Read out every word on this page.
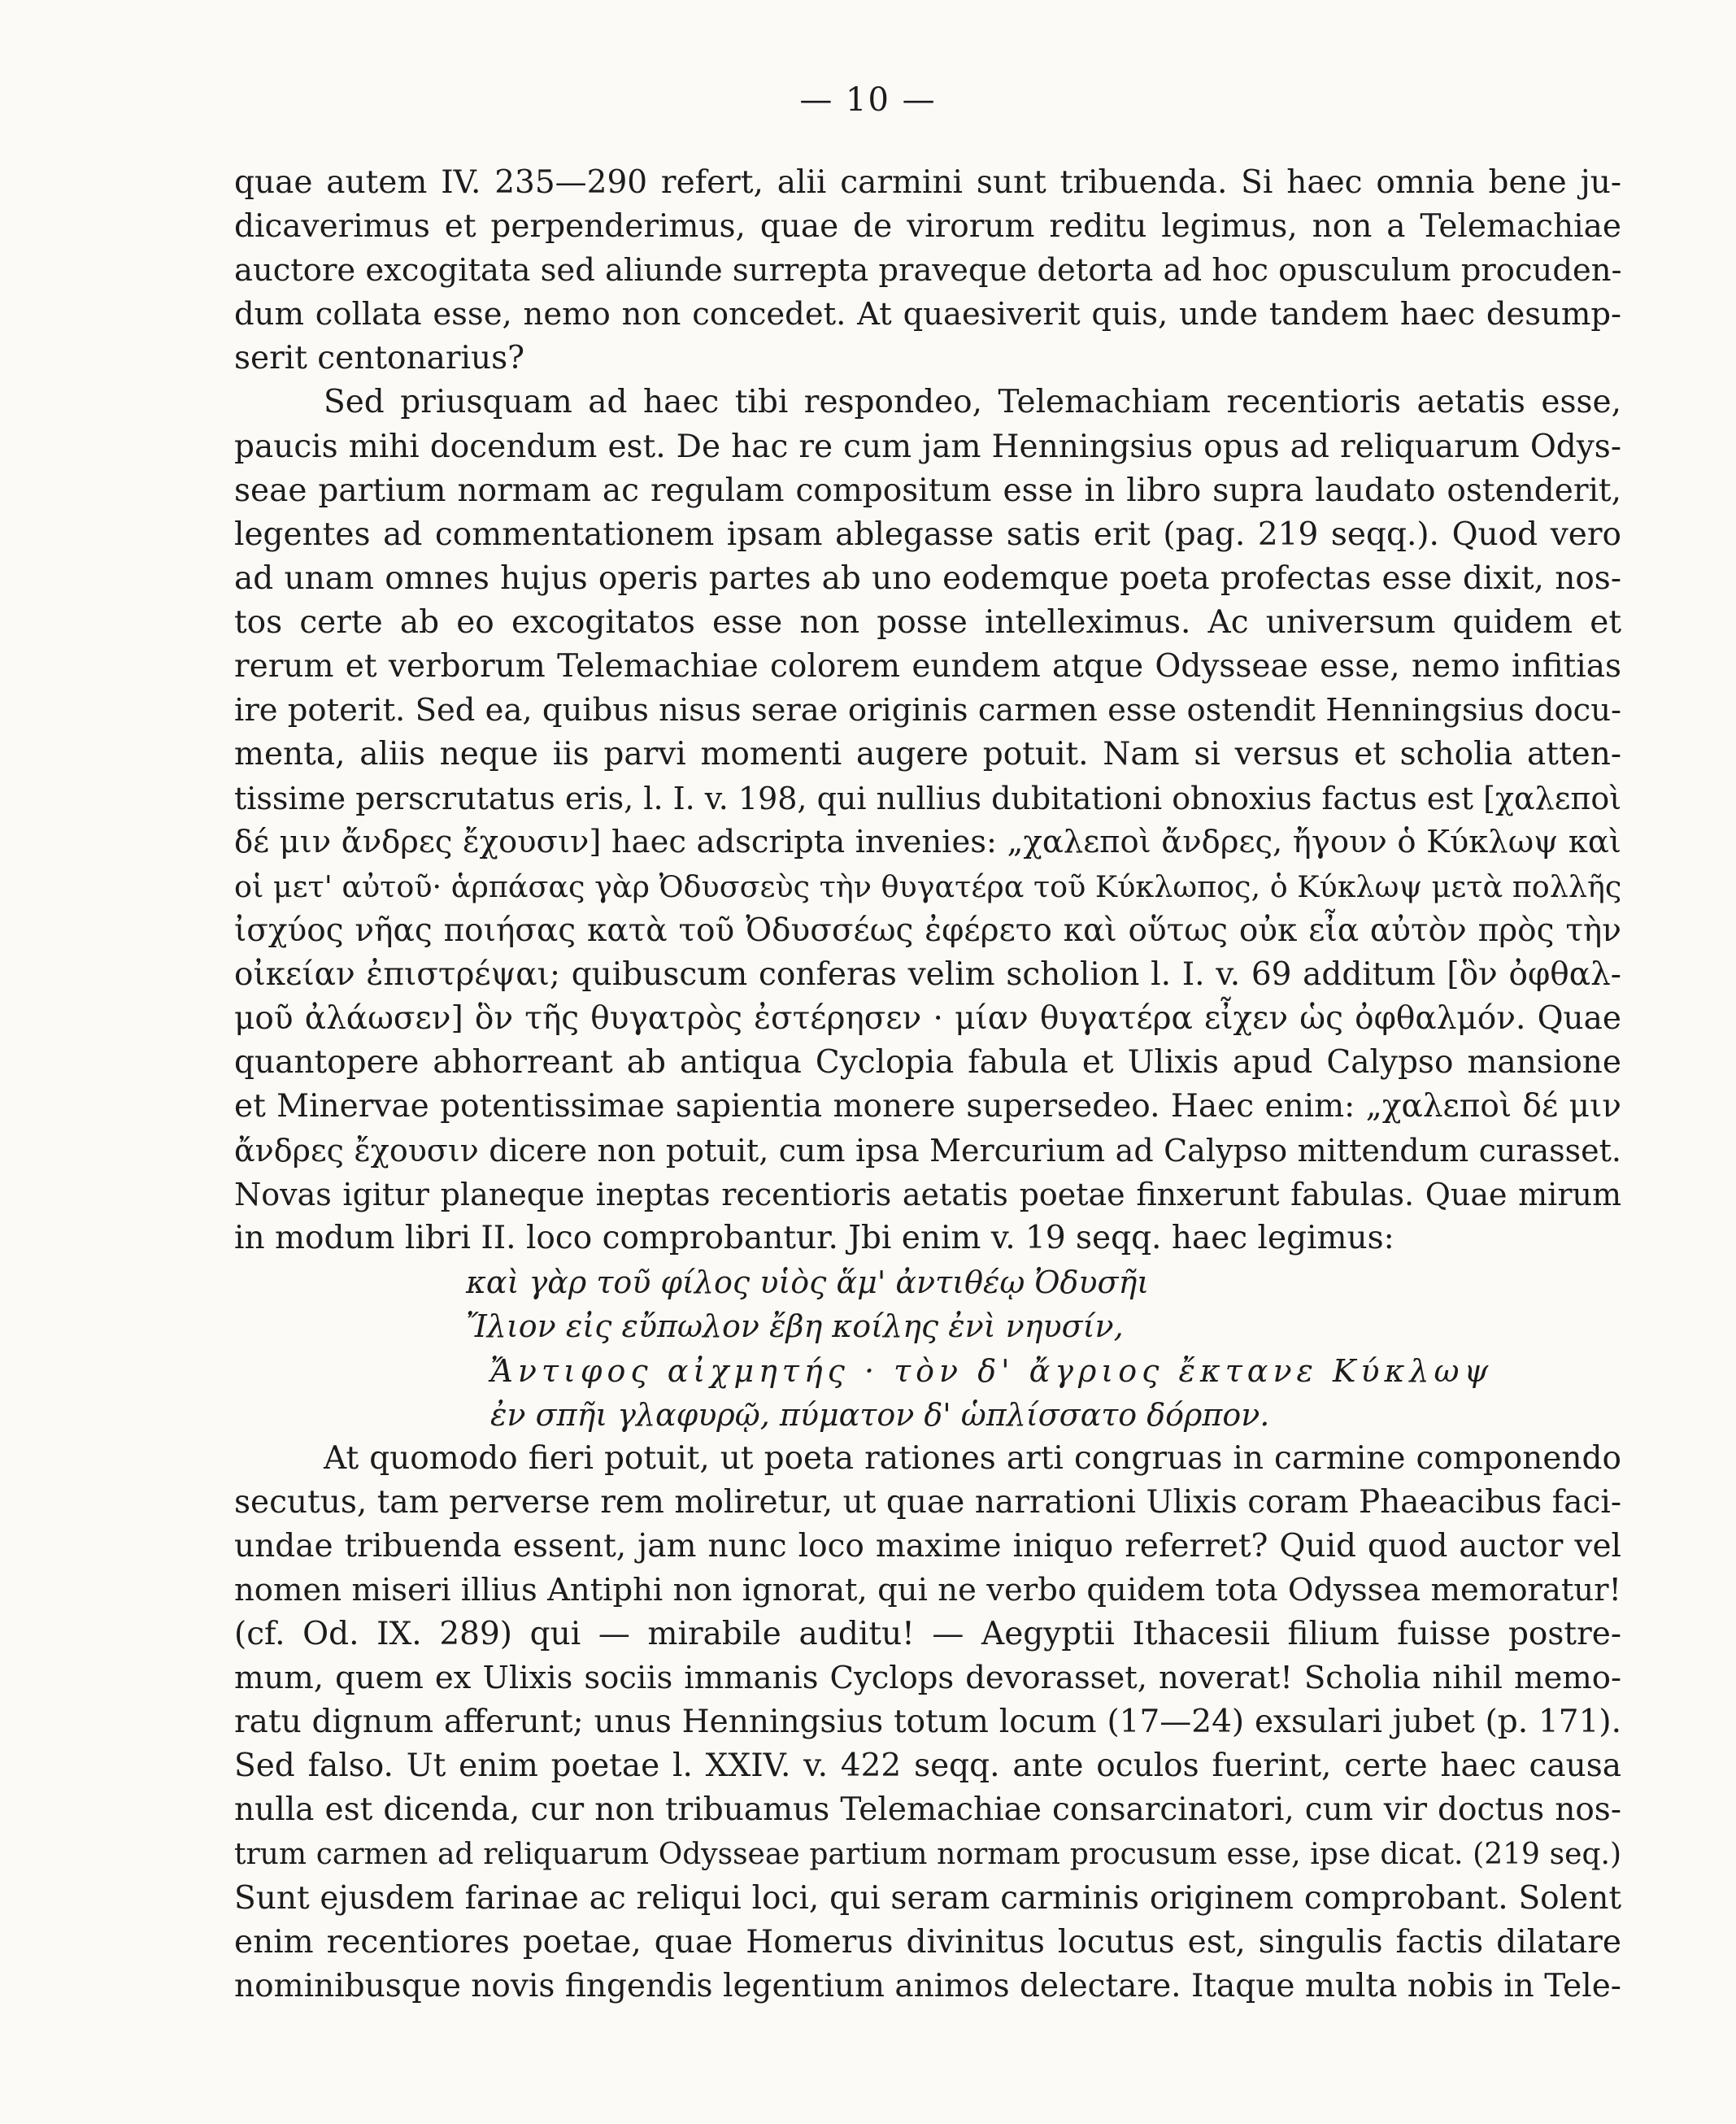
— 10 —
quae autem IV. 235—290 refert, alii carmini sunt tribuenda. Si haec omnia bene ju-
dicaverimus et perpenderimus, quae de virorum reditu legimus, non a Telemachiae
auctore excogitata sed aliunde surrepta praveque detorta ad hoc opusculum procuden-
dum collata esse, nemo non concedet. At quaesiverit quis, unde tandem haec desump-
serit centonarius?
Sed priusquam ad haec tibi respondeo, Telemachiam recentioris aetatis esse,
paucis mihi docendum est. De hac re cum jam Henningsius opus ad reliquarum Odys-
seae partium normam ac regulam compositum esse in libro supra laudato ostenderit,
legentes ad commentationem ipsam ablegasse satis erit (pag. 219 seqq.). Quod vero
ad unam omnes hujus operis partes ab uno eodemque poeta profectas esse dixit, nos-
tos certe ab eo excogitatos esse non posse intelleximus. Ac universum quidem et
rerum et verborum Telemachiae colorem eundem atque Odysseae esse, nemo infitias
ire poterit. Sed ea, quibus nisus serae originis carmen esse ostendit Henningsius docu-
menta, aliis neque iis parvi momenti augere potuit. Nam si versus et scholia atten-
tissime perscrutatus eris, l. I. v. 198, qui nullius dubitationi obnoxius factus est [χαλεποὶ
δέ μιν ἄνδρες ἔχουσιν] haec adscripta invenies: „χαλεποὶ ἄνδρες, ἤγουν ὁ Κύκλωψ καὶ
οἱ μετ' αὐτοῦ· ἁρπάσας γὰρ Ὀδυσσεὺς τὴν θυγατέρα τοῦ Κύκλωπος, ὁ Κύκλωψ μετὰ πολλῆς
ἰσχύος νῆας ποιήσας κατὰ τοῦ Ὀδυσσέως ἐφέρετο καὶ οὕτως οὐκ εἶα αὐτὸν πρὸς τὴν
οἰκείαν ἐπιστρέψαι; quibuscum conferas velim scholion l. I. v. 69 additum [ὃν ὀφθαλ-
μοῦ ἀλάωσεν] ὃν τῆς θυγατρὸς ἐστέρησεν · μίαν θυγατέρα εἶχεν ὡς ὀφθαλμόν. Quae
quantopere abhorreant ab antiqua Cyclopia fabula et Ulixis apud Calypso mansione
et Minervae potentissimae sapientia monere supersedeo. Haec enim: „χαλεποὶ δέ μιν
ἄνδρες ἔχουσιν dicere non potuit, cum ipsa Mercurium ad Calypso mittendum curasset.
Novas igitur planeque ineptas recentioris aetatis poetae finxerunt fabulas. Quae mirum
in modum libri II. loco comprobantur. Jbi enim v. 19 seqq. haec legimus:
καὶ γὰρ τοῦ φίλος υἱὸς ἅμ' ἀντιθέῳ Ὀδυσῆι
Ἴλιον εἰς εὔπωλον ἔβη κοίλης ἐνὶ νηυσίν,
Ἄντιφος αἰχμητής · τὸν δ' ἄγριος ἔκτανε Κύκλωψ
ἐν σπῆι γλαφυρῷ, πύματον δ' ὡπλίσσατο δόρπον.
At quomodo fieri potuit, ut poeta rationes arti congruas in carmine componendo
secutus, tam perverse rem moliretur, ut quae narrationi Ulixis coram Phaeacibus faci-
undae tribuenda essent, jam nunc loco maxime iniquo referret? Quid quod auctor vel
nomen miseri illius Antiphi non ignorat, qui ne verbo quidem tota Odyssea memoratur!
(cf. Od. IX. 289) qui — mirabile auditu! — Aegyptii Ithacesii filium fuisse postre-
mum, quem ex Ulixis sociis immanis Cyclops devorasset, noverat! Scholia nihil memo-
ratu dignum afferunt; unus Henningsius totum locum (17—24) exsulari jubet (p. 171).
Sed falso. Ut enim poetae l. XXIV. v. 422 seqq. ante oculos fuerint, certe haec causa
nulla est dicenda, cur non tribuamus Telemachiae consarcinatori, cum vir doctus nos-
trum carmen ad reliquarum Odysseae partium normam procusum esse, ipse dicat. (219 seq.)
Sunt ejusdem farinae ac reliqui loci, qui seram carminis originem comprobant. Solent
enim recentiores poetae, quae Homerus divinitus locutus est, singulis factis dilatare
nominibusque novis fingendis legentium animos delectare. Itaque multa nobis in Tele-
